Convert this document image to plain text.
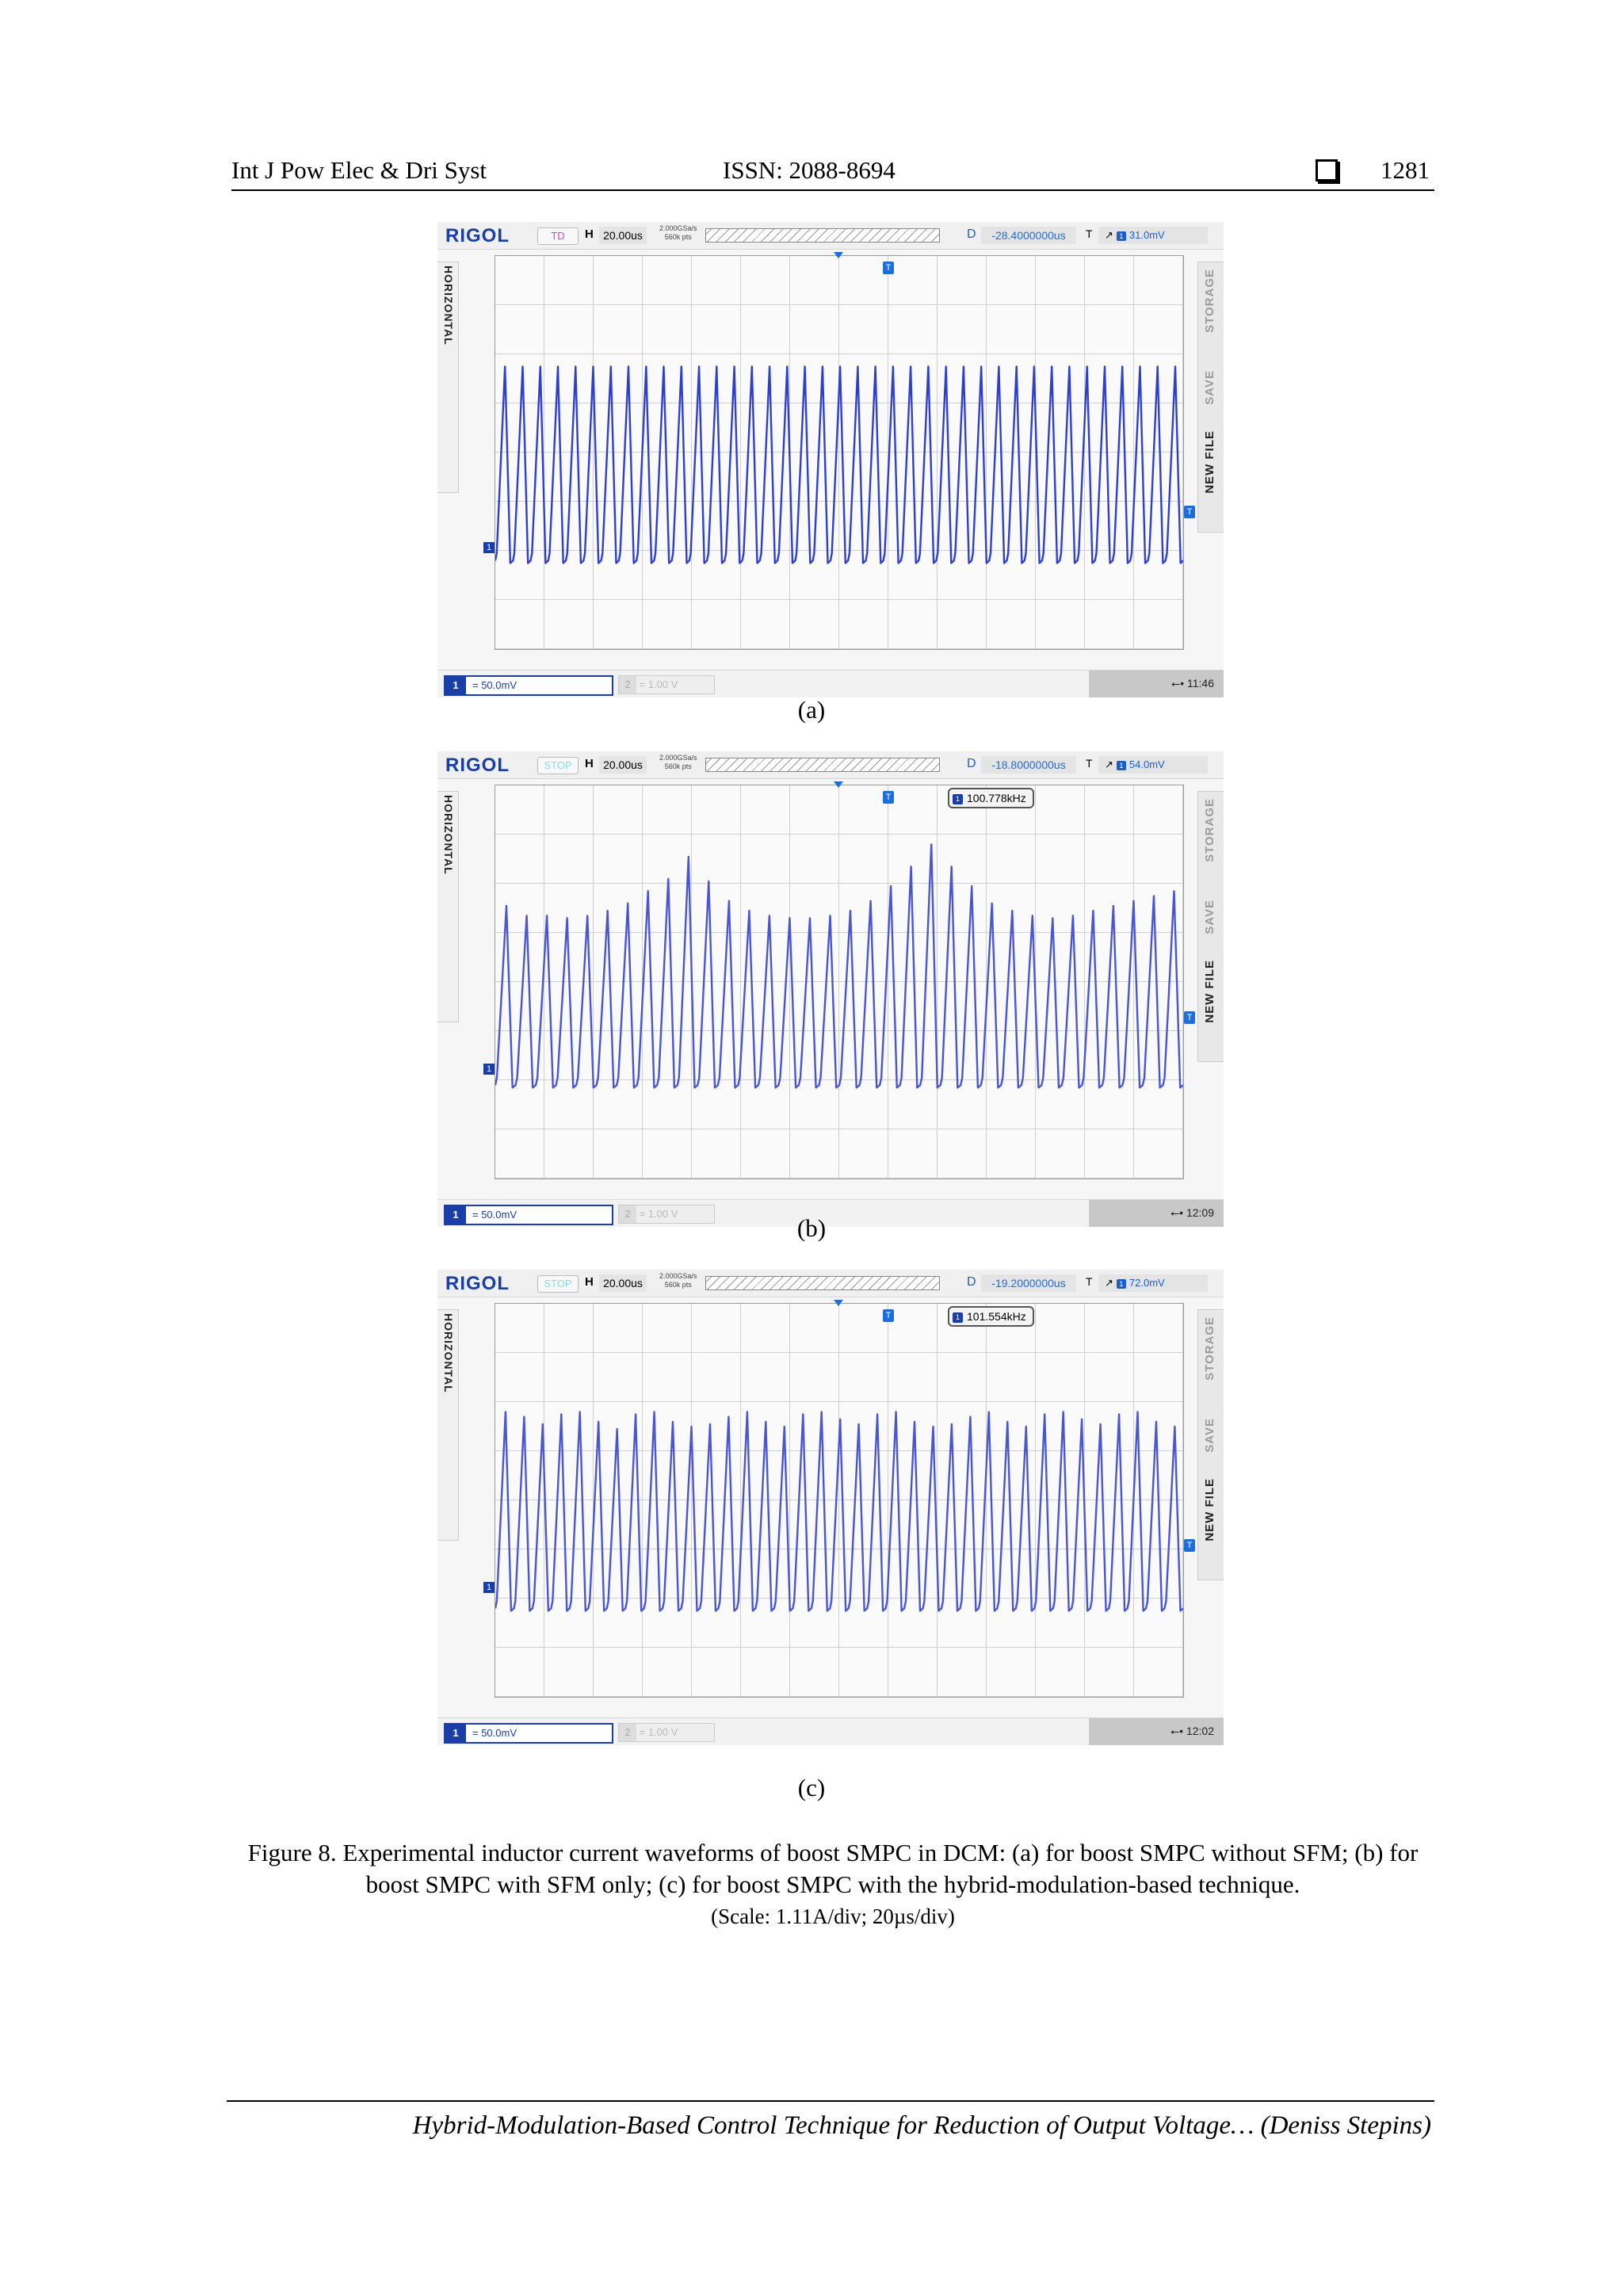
Int J Pow Elec & Dri Syst	ISSN: 2088-8694	1281
RIGOL	TD	H 20.00us
2.000GSa/s
560k pts	D	-28.4000000us	T	↗ 1 31.0mV
HORIZONTAL	STORAGE
SAVE
NEW FILE
T
T
1
1 = 50.0mV	2 = 1.00 V	⭠• 11:46
RIGOL	STOP	H 20.00us
2.000GSa/s
560k pts	D	-18.8000000us	T	↗ 1 54.0mV
HORIZONTAL	STORAGE
SAVE
NEW FILE
T
T
1
1 100.778kHz
1 = 50.0mV	2 = 1.00 V	⭠• 12:09
RIGOL	STOP	H 20.00us
2.000GSa/s
560k pts	D	-19.2000000us	T	↗ 1 72.0mV
HORIZONTAL	STORAGE
SAVE
NEW FILE
T
T
1
1 101.554kHz
1 = 50.0mV	2 = 1.00 V	⭠• 12:02
(a)
(b)
(c)
Figure 8. Experimental inductor current waveforms of boost SMPC in DCM: (a) for boost SMPC without SFM; (b) for boost SMPC with SFM only; (c) for boost SMPC with the hybrid-modulation-based technique.
(Scale: 1.11A/div; 20µs/div)
Hybrid-Modulation-Based Control Technique for Reduction of Output Voltage… (Deniss Stepins)
